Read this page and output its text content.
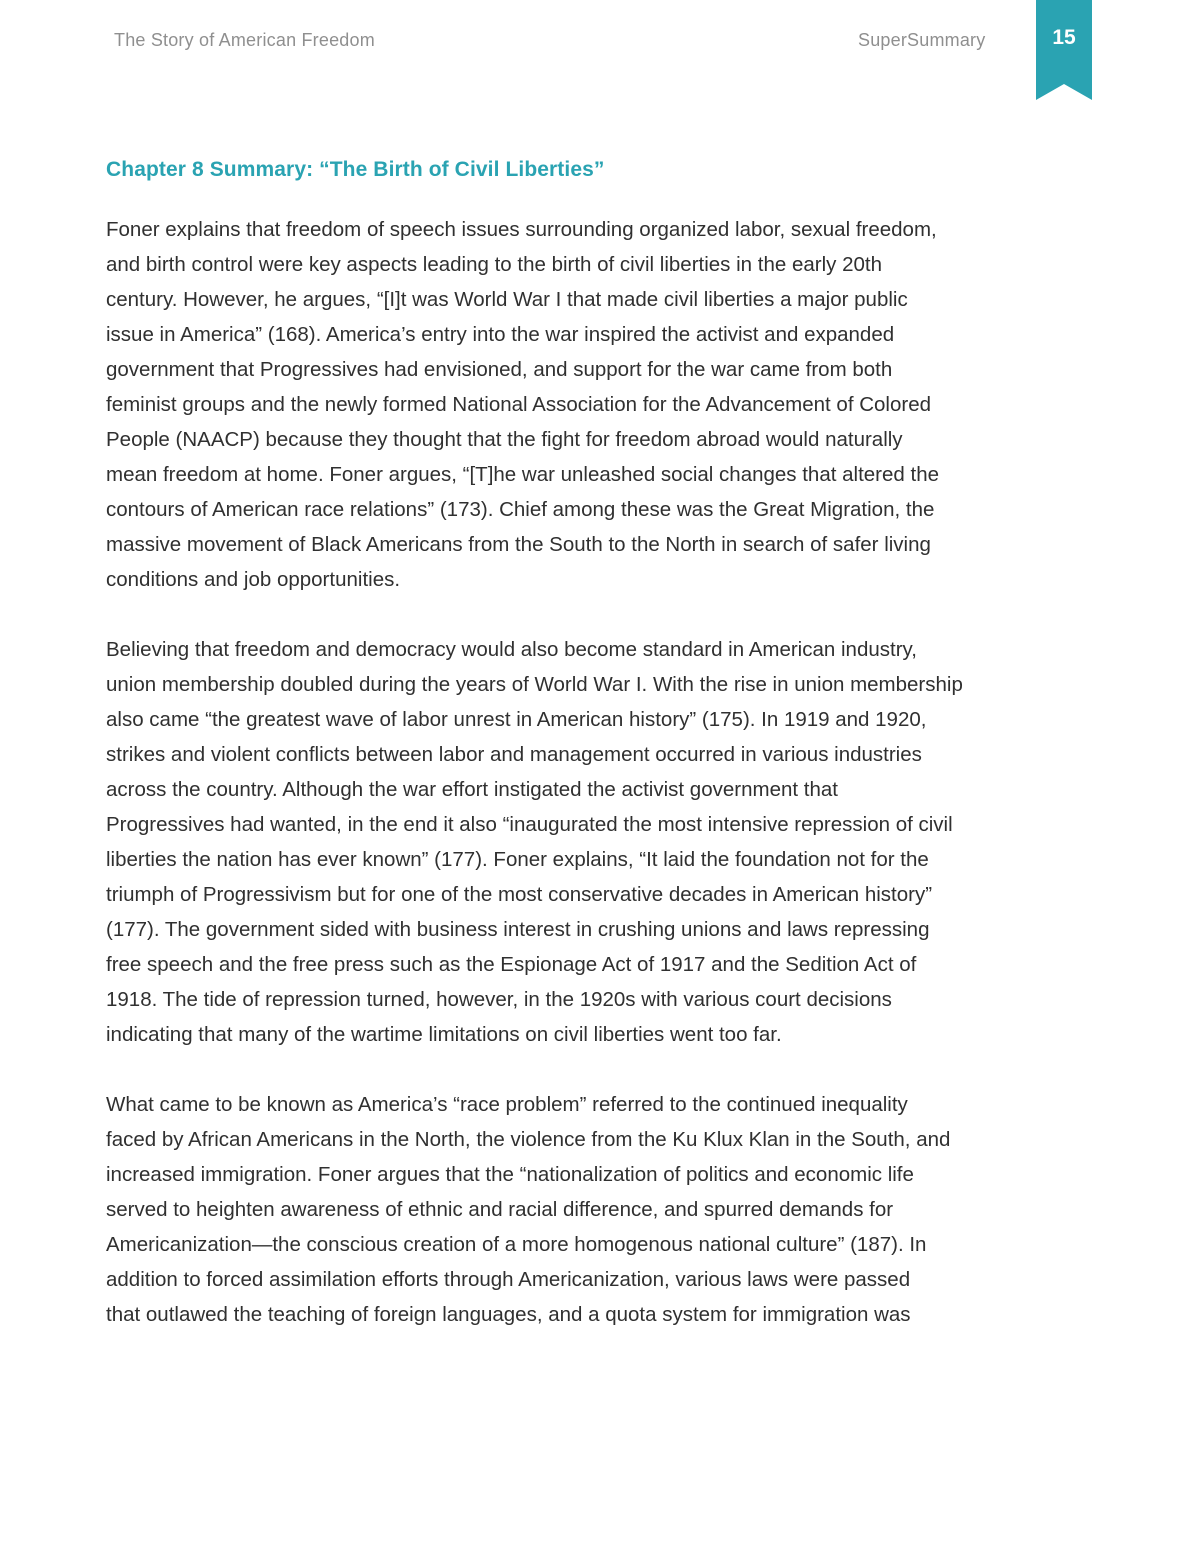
The Story of American Freedom	SuperSummary	15
Chapter 8 Summary: “The Birth of Civil Liberties”
Foner explains that freedom of speech issues surrounding organized labor, sexual freedom,
and birth control were key aspects leading to the birth of civil liberties in the early 20th
century. However, he argues, “[I]t was World War I that made civil liberties a major public
issue in America” (168). America’s entry into the war inspired the activist and expanded
government that Progressives had envisioned, and support for the war came from both
feminist groups and the newly formed National Association for the Advancement of Colored
People (NAACP) because they thought that the fight for freedom abroad would naturally
mean freedom at home. Foner argues, “[T]he war unleashed social changes that altered the
contours of American race relations” (173). Chief among these was the Great Migration, the
massive movement of Black Americans from the South to the North in search of safer living
conditions and job opportunities.
Believing that freedom and democracy would also become standard in American industry,
union membership doubled during the years of World War I. With the rise in union membership
also came “the greatest wave of labor unrest in American history” (175). In 1919 and 1920,
strikes and violent conflicts between labor and management occurred in various industries
across the country. Although the war effort instigated the activist government that
Progressives had wanted, in the end it also “inaugurated the most intensive repression of civil
liberties the nation has ever known” (177). Foner explains, “It laid the foundation not for the
triumph of Progressivism but for one of the most conservative decades in American history”
(177). The government sided with business interest in crushing unions and laws repressing
free speech and the free press such as the Espionage Act of 1917 and the Sedition Act of
1918. The tide of repression turned, however, in the 1920s with various court decisions
indicating that many of the wartime limitations on civil liberties went too far.
What came to be known as America’s “race problem” referred to the continued inequality
faced by African Americans in the North, the violence from the Ku Klux Klan in the South, and
increased immigration. Foner argues that the “nationalization of politics and economic life
served to heighten awareness of ethnic and racial difference, and spurred demands for
Americanization—the conscious creation of a more homogenous national culture” (187). In
addition to forced assimilation efforts through Americanization, various laws were passed
that outlawed the teaching of foreign languages, and a quota system for immigration was
